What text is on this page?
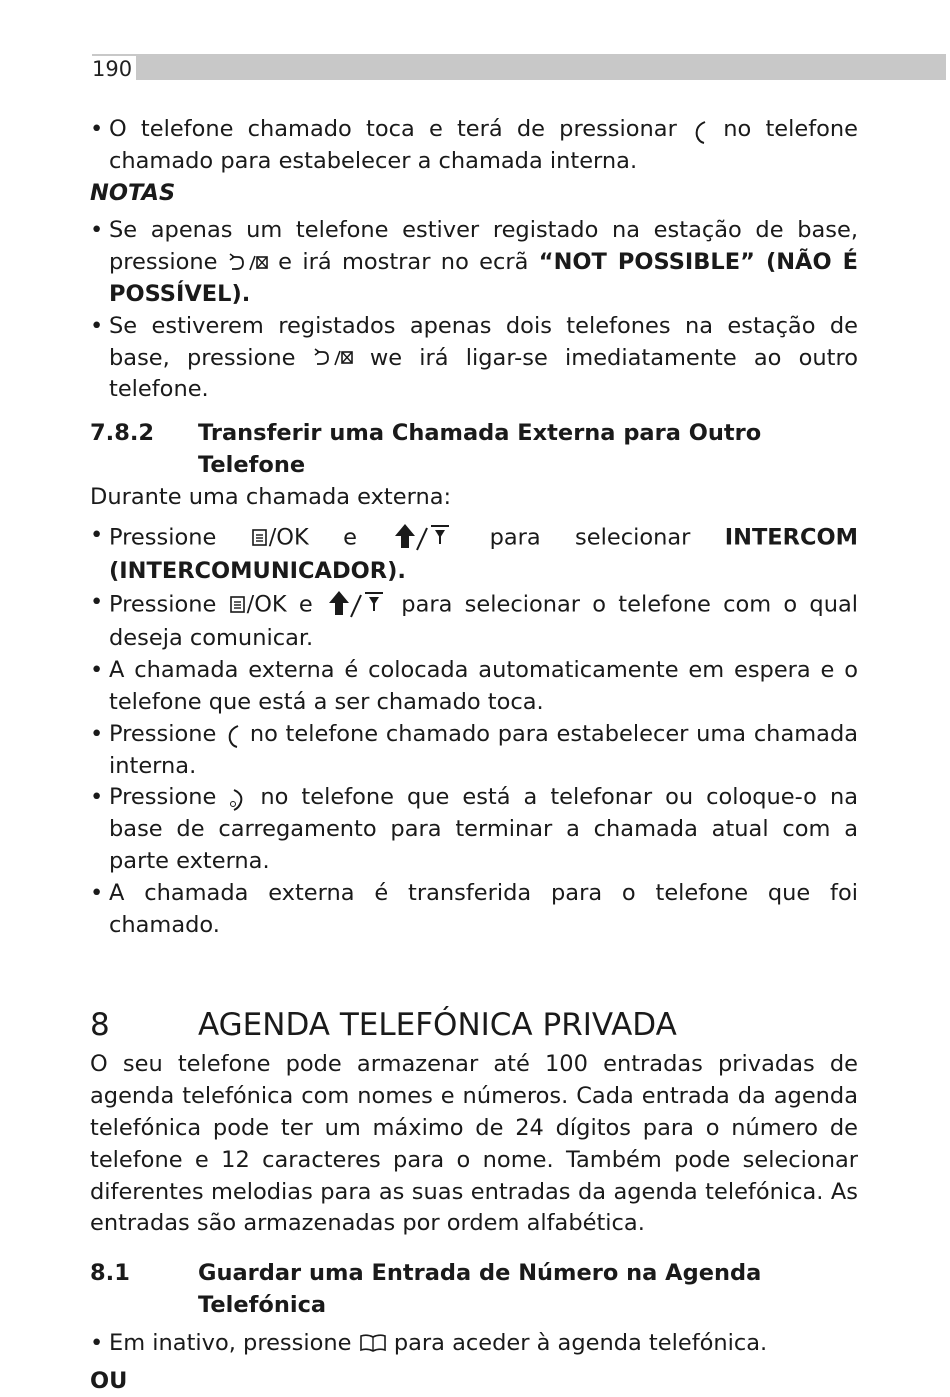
190
• O telefone chamado toca e terá de pressionar no telefone chamado para estabelecer a chamada interna.
NOTAS
• Se apenas um telefone estiver registado na estação de base, pressione	e irá mostrar no ecrã “NOT POSSIBLE” (NÃO É POSSÍVEL).
• Se estiverem registados apenas dois telefones na estação de base, pressione	we irá ligar-se imediatamente ao outro telefone.
7.8.2	Transferir uma Chamada Externa para Outro Telefone
Durante uma chamada externa:
• Pressione /OK e	para selecionar INTERCOM (INTERCOMUNICADOR).
• Pressione /OK e	para selecionar o telefone com o qual deseja comunicar.
• A chamada externa é colocada automaticamente em espera e o telefone que está a ser chamado toca.
• Pressione no telefone chamado para estabelecer uma chamada interna.
• Pressione no telefone que está a telefonar ou coloque-o na base de carregamento para terminar a chamada atual com a parte externa.
• A chamada externa é transferida para o telefone que foi chamado.
8	AGENDA TELEFÓNICA PRIVADA
O seu telefone pode armazenar até 100 entradas privadas de agenda telefónica com nomes e números. Cada entrada da agenda telefónica pode ter um máximo de 24 dígitos para o número de telefone e 12 caracteres para o nome. Também pode selecionar diferentes melodias para as suas entradas da agenda telefónica. As entradas são armazenadas por ordem alfabética.
8.1	Guardar uma Entrada de Número na Agenda Telefónica
• Em inativo, pressione para aceder à agenda telefónica.
OU
